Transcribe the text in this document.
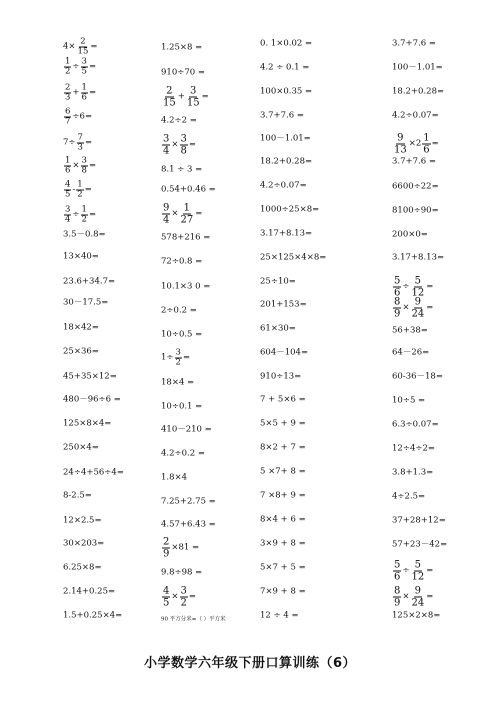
$4\times \frac{2}{15}$ =
$\frac{1}{2} \div \frac{3}{5}$ =
$\frac{2}{3} + \frac{1}{6}$ =
$\frac{6}{7} \div 6=$
$7\div \frac{7}{3}$ =
$\frac{1}{6} \times \frac{3}{8}$ =
$\frac{4}{5} - \frac{1}{2}$ =
$\frac{3}{4} \div \frac{1}{2}$ =
3.5－0.8=
13×40=
23.6+34.7=
30－17.5=
18×42=
25×36=
45+35×12=
480－96÷6 =
125×8×4=
250×4=
24÷4+56÷4=
8-2.5=
12×2.5=
30×203=
6.25×8=
2.14+0.25=
1.5+0.25×4=
1.25×8 =
910÷70 =
$\frac{2}{15} + \frac{3}{15}$ =
4.2÷2 =
$\frac{3}{4} \times \frac{3}{8}$ =
8.1 ÷ 3 =
0.54+0.46 =
$\frac{9}{4} \times \frac{1}{27}$ =
578+216 =
72÷0.8 =
10.1×3 0 =
2÷0.2 =
10÷0.5 =
$1\div \frac{3}{2}$ =
18×4 =
10÷0.1 =
410－210 =
4.2÷0.2 =
1.8×4
7.25+2.75 =
4.57+6.43 =
$\frac{2}{9} \times 81$ =
9.8÷98 =
$\frac{4}{5} \times \frac{3}{2}$ =
90 平方分米=（ ）平方米
0. 1×0.02 =
4.2 ÷ 0.1 =
100×0.35 =
3.7+7.6 =
100－1.01=
18.2+0.28=
4.2÷0.07=
1000÷25×8=
3.17+8.13=
25×125×4×8=
25÷10=
201+153=
61×30=
604－104=
910÷13=
7 + 5×6 =
5×5 + 9 =
8×2 + 7 =
5 ×7+ 8 =
7 ×8+ 9 =
8×4 + 6 =
3×9 + 8 =
5×7 + 5 =
7×9 + 8 =
12 ÷ 4 =
3.7+7.6 =
100－1.01=
18.2+0.28=
4.2÷0.07=
$\frac{9}{13} \times 2 \frac{1}{6}$ =
3.7+7.6 =
6600÷22=
8100÷90=
200×0=
3.17+8.13=
$\frac{5}{6} \div \frac{5}{12}$ =
$\frac{8}{9} \times \frac{9}{24}$ =
56+38=
64－26=
60-36－18=
10÷5 =
6.3÷0.07=
12÷4÷2=
3.8+1.3=
4÷2.5=
37+28+12=
57+23－42=
$\frac{5}{6} \div \frac{5}{12}$ =
$\frac{8}{9} \times \frac{9}{24}$ =
125×2×8=
小学数学六年级下册口算训练（6）
